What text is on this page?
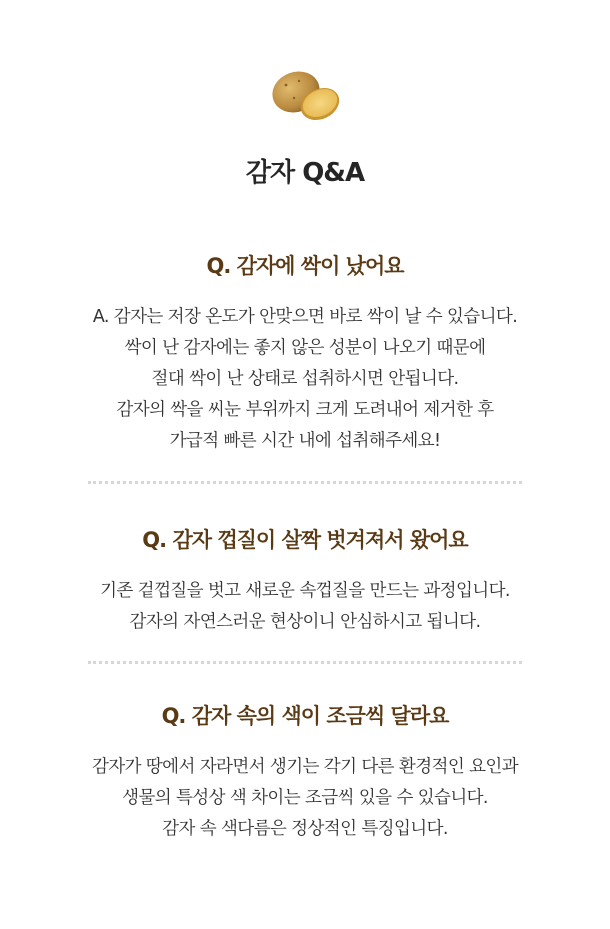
감자 Q&A
Q. 감자에 싹이 났어요
A. 감자는 저장 온도가 안맞으면 바로 싹이 날 수 있습니다.
싹이 난 감자에는 좋지 않은 성분이 나오기 때문에
절대 싹이 난 상태로 섭취하시면 안됩니다.
감자의 싹을 씨눈 부위까지 크게 도려내어 제거한 후
가급적 빠른 시간 내에 섭취해주세요!
Q. 감자 껍질이 살짝 벗겨져서 왔어요
기존 겉껍질을 벗고 새로운 속껍질을 만드는 과정입니다.
감자의 자연스러운 현상이니 안심하시고 됩니다.
Q. 감자 속의 색이 조금씩 달라요
감자가 땅에서 자라면서 생기는 각기 다른 환경적인 요인과
생물의 특성상 색 차이는 조금씩 있을 수 있습니다.
감자 속 색다름은 정상적인 특징입니다.
